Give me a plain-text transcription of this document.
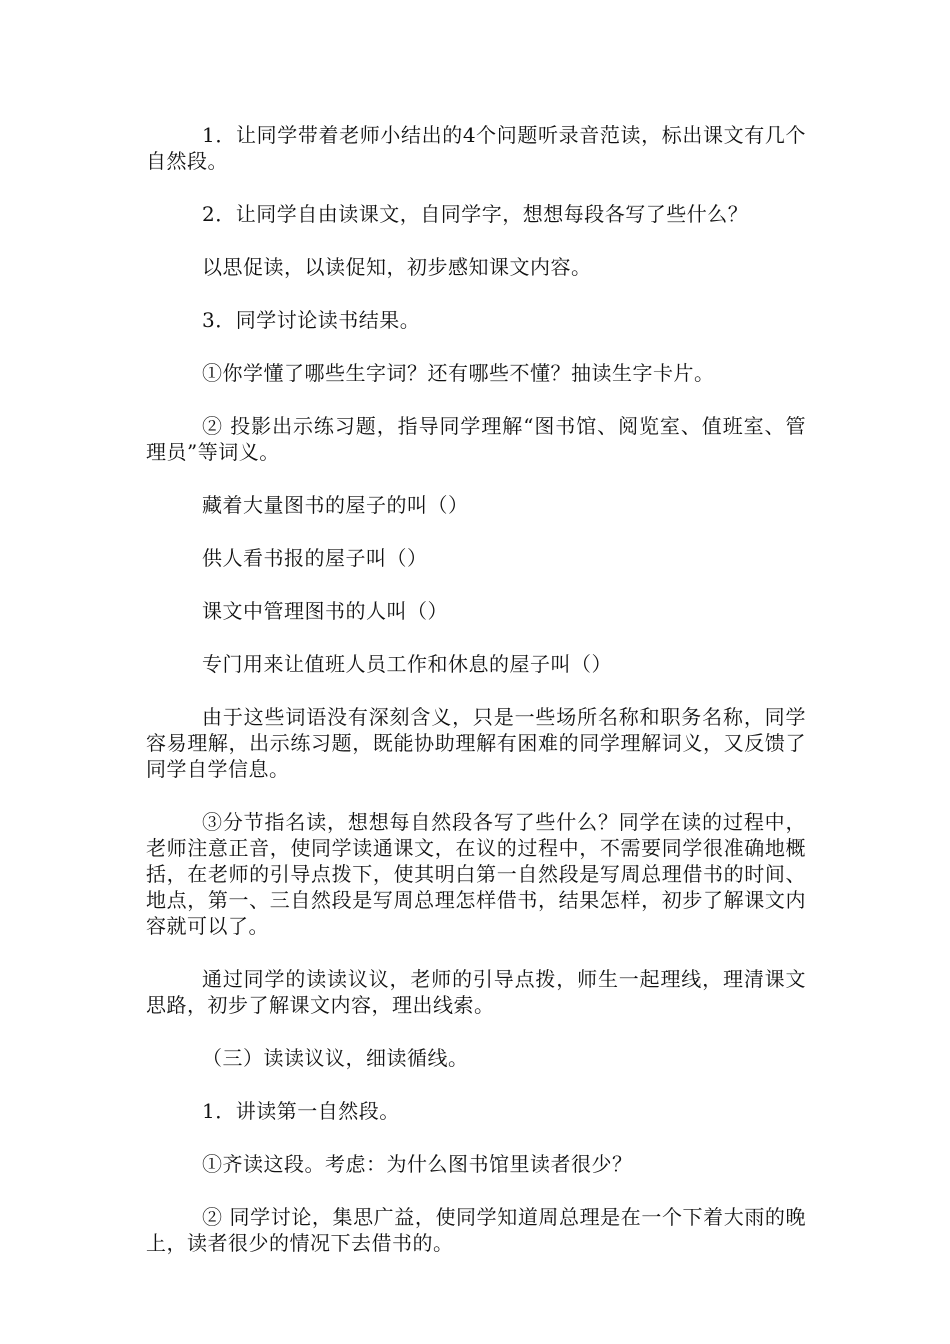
1．让同学带着老师小结出的4个问题听录音范读，标出课文有几个自然段。

2．让同学自由读课文，自同学字，想想每段各写了些什么？

以思促读，以读促知，初步感知课文内容。

3．同学讨论读书结果。

①你学懂了哪些生字词？还有哪些不懂？抽读生字卡片。

② 投影出示练习题，指导同学理解“图书馆、阅览室、值班室、管理员”等词义。

藏着大量图书的屋子的叫（）

供人看书报的屋子叫（）

课文中管理图书的人叫（）

专门用来让值班人员工作和休息的屋子叫（）

由于这些词语没有深刻含义，只是一些场所名称和职务名称，同学容易理解，出示练习题，既能协助理解有困难的同学理解词义，又反馈了同学自学信息。

③分节指名读，想想每自然段各写了些什么？同学在读的过程中，老师注意正音，使同学读通课文，在议的过程中，不需要同学很准确地概括，在老师的引导点拨下，使其明白第一自然段是写周总理借书的时间、地点，第一、三自然段是写周总理怎样借书，结果怎样，初步了解课文内容就可以了。

通过同学的读读议议，老师的引导点拨，师生一起理线，理清课文思路，初步了解课文内容，理出线索。

（三）读读议议，细读循线。

1．讲读第一自然段。

①齐读这段。考虑：为什么图书馆里读者很少？

② 同学讨论，集思广益，使同学知道周总理是在一个下着大雨的晚上，读者很少的情况下去借书的。
